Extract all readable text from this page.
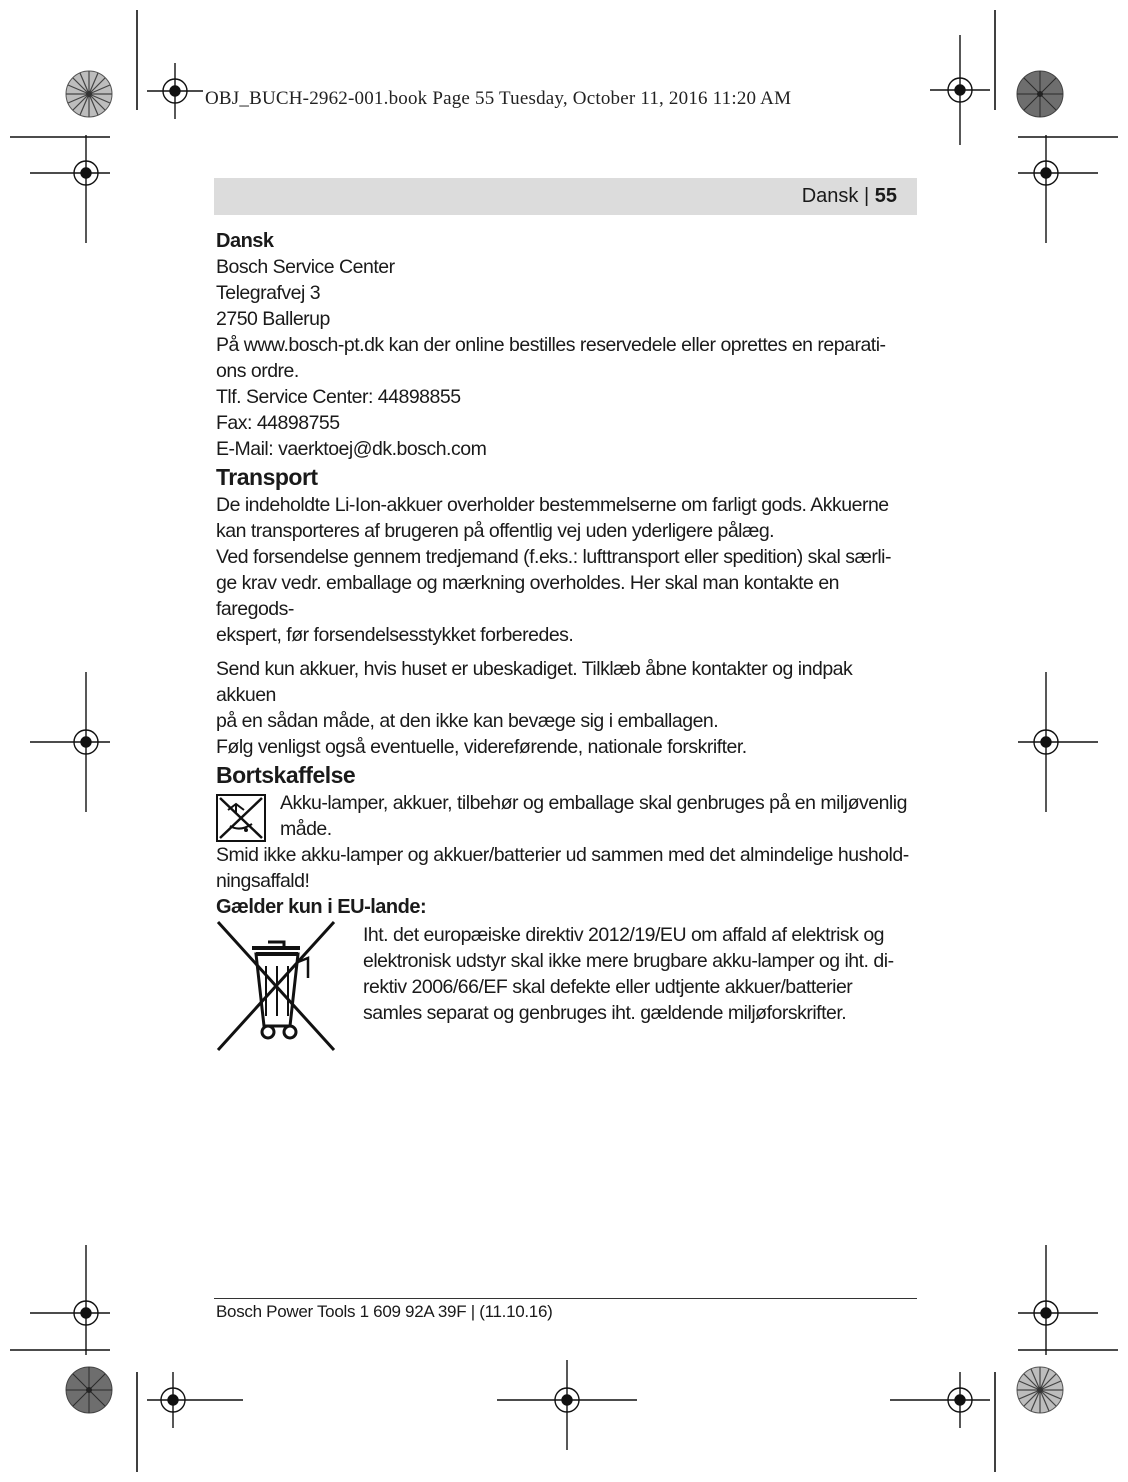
OBJ_BUCH-2962-001.book Page 55 Tuesday, October 11, 2016 11:20 AM
Dansk | 55

Dansk

Bosch Service Center

Telegrafvej 3

2750 Ballerup

På www.bosch-pt.dk kan der online bestilles reservedele eller oprettes en reparati-

ons ordre.

Tlf. Service Center: 44898855

Fax: 44898755

E-Mail: vaerktoej@dk.bosch.com

Transport

De indeholdte Li-Ion-akkuer overholder bestemmelserne om farligt gods. Akkuerne

kan transporteres af brugeren på offentlig vej uden yderligere pålæg.

Ved forsendelse gennem tredjemand (f.eks.: lufttransport eller spedition) skal særli-

ge krav vedr. emballage og mærkning overholdes. Her skal man kontakte en faregods-

ekspert, før forsendelsesstykket forberedes.

Send kun akkuer, hvis huset er ubeskadiget. Tilklæb åbne kontakter og indpak akkuen

på en sådan måde, at den ikke kan bevæge sig i emballagen.

Følg venligst også eventuelle, videreførende, nationale forskrifter.

Bortskaffelse

Akku-lamper, akkuer, tilbehør og emballage skal genbruges på en miljøvenlig

måde.

Smid ikke akku-lamper og akkuer/batterier ud sammen med det almindelige hushold-

ningsaffald!

Gælder kun i EU-lande:

Iht. det europæiske direktiv 2012/19/EU om affald af elektrisk og

elektronisk udstyr skal ikke mere brugbare akku-lamper og iht. di-

rektiv 2006/66/EF skal defekte eller udtjente akkuer/batterier

samles separat og genbruges iht. gældende miljøforskrifter.

Bosch Power Tools 1 609 92A 39F | (11.10.16)
